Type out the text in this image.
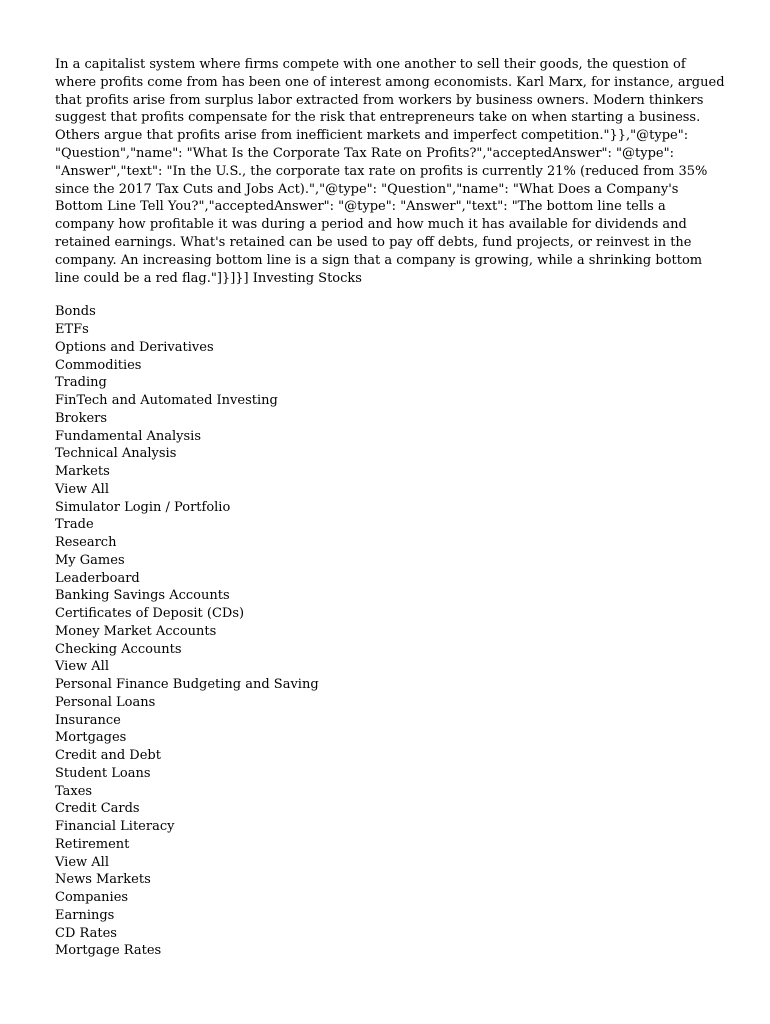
In a capitalist system where firms compete with one another to sell their goods, the question of where profits come from has been one of interest among economists. Karl Marx, for instance, argued that profits arise from surplus labor extracted from workers by business owners. Modern thinkers suggest that profits compensate for the risk that entrepreneurs take on when starting a business. Others argue that profits arise from inefficient markets and imperfect competition."}},"@type": "Question","name": "What Is the Corporate Tax Rate on Profits?","acceptedAnswer": "@type": "Answer","text": "In the U.S., the corporate tax rate on profits is currently 21% (reduced from 35% since the 2017 Tax Cuts and Jobs Act).","@type": "Question","name": "What Does a Company's Bottom Line Tell You?","acceptedAnswer": "@type": "Answer","text": "The bottom line tells a company how profitable it was during a period and how much it has available for dividends and retained earnings. What's retained can be used to pay off debts, fund projects, or reinvest in the company. An increasing bottom line is a sign that a company is growing, while a shrinking bottom line could be a red flag."]}]}] Investing Stocks

Bonds
ETFs
Options and Derivatives
Commodities
Trading
FinTech and Automated Investing
Brokers
Fundamental Analysis
Technical Analysis
Markets
View All
Simulator Login / Portfolio
Trade
Research
My Games
Leaderboard
Banking Savings Accounts
Certificates of Deposit (CDs)
Money Market Accounts
Checking Accounts
View All
Personal Finance Budgeting and Saving
Personal Loans
Insurance
Mortgages
Credit and Debt
Student Loans
Taxes
Credit Cards
Financial Literacy
Retirement
View All
News Markets
Companies
Earnings
CD Rates
Mortgage Rates
